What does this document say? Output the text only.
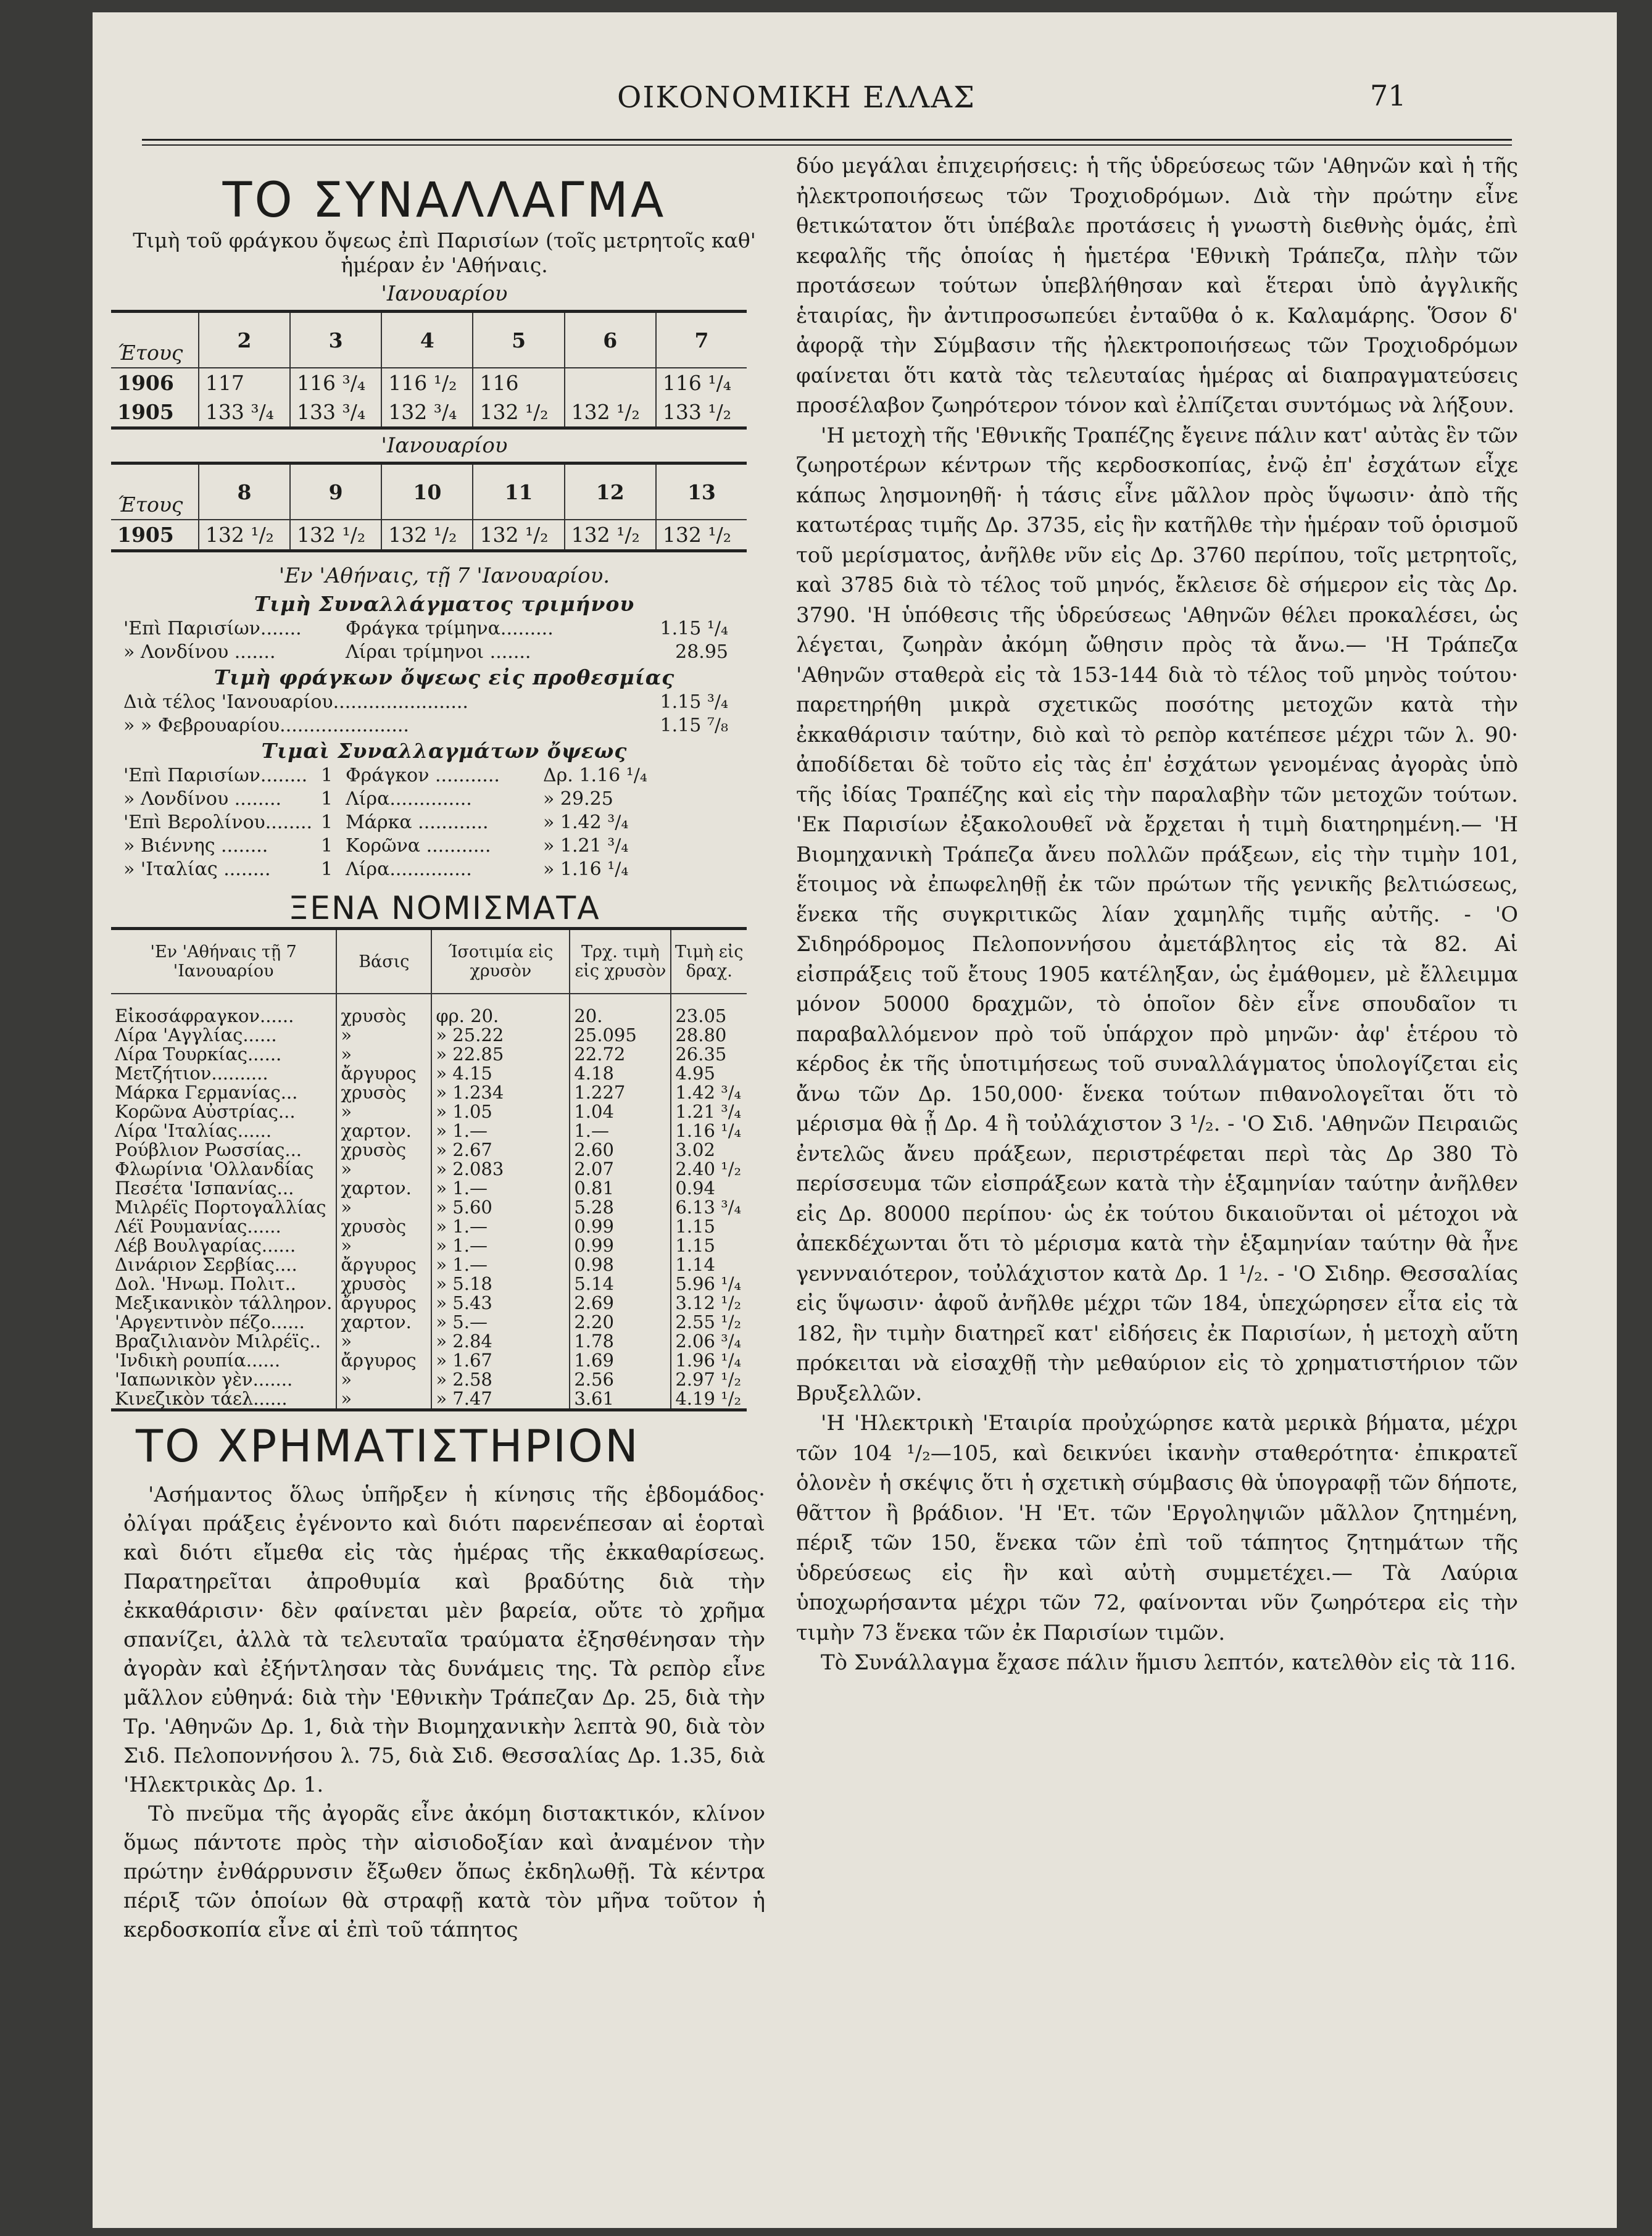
ΟΙΚΟΝΟΜΙΚΗ ΕΛΛΑΣ	71
ΤΟ ΣΥΝΑΛΛΑΓΜΑ
Τιμὴ τοῦ φράγκου ὄψεως ἐπὶ Παρισίων (τοῖς μετρητοῖς καθ' ἡμέραν ἐν 'Αθήναις.
'Ιανουαρίου
Έτους	2	3	4	5	6	7
1906	117	116 ³/₄	116 ¹/₂	116		116 ¹/₄
1905	133 ³/₄	133 ³/₄	132 ³/₄	132 ¹/₂	132 ¹/₂	133 ¹/₂
'Ιανουαρίου
Έτους	8	9	10	11	12	13
1905	132 ¹/₂	132 ¹/₂	132 ¹/₂	132 ¹/₂	132 ¹/₂	132 ¹/₂
'Εν 'Αθήναις, τῇ 7 'Ιανουαρίου.
Τιμὴ Συναλλάγματος τριμήνου
'Επὶ Παρισίων.......	Φράγκα τρίμηνα.........	1.15 ¹/₄
» Λονδίνου .......	Λίραι τρίμηνοι .......	28.95
Τιμὴ φράγκων ὄψεως εἰς προθεσμίας
Διὰ τέλος 'Ιανουαρίου.......................	1.15 ³/₄
» » Φεβρουαρίου......................	1.15 ⁷/₈
Τιμαὶ Συναλλαγμάτων ὄψεως
'Επὶ Παρισίων........ 1 Φράγκον ...........	Δρ. 1.16 ¹/₄
» Λονδίνου ........	1 Λίρα..............	» 29.25
'Επὶ Βερολίνου........ 1 Μάρκα ............	» 1.42 ³/₄
» Βιέννης ........	1 Κορῶνα ...........	» 1.21 ³/₄
» 'Ιταλίας ........	1 Λίρα..............	» 1.16 ¹/₄
ΞΕΝΑ ΝΟΜΙΣΜΑΤΑ
'Εν 'Αθήναις τῇ 7 'Ιανουαρίου	Βάσις	Ίσοτιμία εἰς χρυσὸν	Τρχ. τιμὴ εἰς χρυσὸν	Τιμὴ εἰς δραχ.
Εἰκοσάφραγκον......	χρυσὸς	φρ. 20.	20.	23.05
Λίρα 'Αγγλίας......	»	» 25.22	25.095	28.80
Λίρα Τουρκίας......	»	» 22.85	22.72	26.35
Μετζήτιον..........	ἄργυρος	» 4.15	4.18	4.95
Μάρκα Γερμανίας...	χρυσὸς	» 1.234	1.227	1.42 ³/₄
Κορῶνα Αὐστρίας...	»	» 1.05	1.04	1.21 ³/₄
Λίρα 'Ιταλίας......	χαρτον.	» 1.—	1.—	1.16 ¹/₄
Ρούβλιον Ρωσσίας...	χρυσὸς	» 2.67	2.60	3.02
Φλωρίνια 'Ολλανδίας	»	» 2.083	2.07	2.40 ¹/₂
Πεσέτα 'Ισπανίας...	χαρτον.	» 1.—	0.81	0.94
Μιλρέϊς Πορτογαλλίας	»	» 5.60	5.28	6.13 ³/₄
Λέϊ Ρουμανίας......	χρυσὸς	» 1.—	0.99	1.15
Λέβ Βουλγαρίας......	»	» 1.—	0.99	1.15
Δινάριον Σερβίας....	ἄργυρος	» 1.—	0.98	1.14
Δολ. 'Ηνωμ. Πολιτ..	χρυσὸς	» 5.18	5.14	5.96 ¹/₄
Μεξικανικὸν τάλληρον.	ἄργυρος	» 5.43	2.69	3.12 ¹/₂
'Αργεντινὸν πέζο......	χαρτον.	» 5.—	2.20	2.55 ¹/₂
Βραζιλιανὸν Μιλρέϊς..	»	» 2.84	1.78	2.06 ³/₄
'Ινδικὴ ρουπία......	ἄργυρος	» 1.67	1.69	1.96 ¹/₄
'Ιαπωνικὸν γὲν.......	»	» 2.58	2.56	2.97 ¹/₂
Κινεζικὸν τάελ......	»	» 7.47	3.61	4.19 ¹/₂
ΤΟ ΧΡΗΜΑΤΙΣΤΗΡΙΟΝ

'Ασήμαντος ὅλως ὑπῆρξεν ἡ κίνησις τῆς ἑβδομάδος· ὀλίγαι πράξεις ἐγένοντο καὶ διότι παρενέπεσαν αἱ ἑορταὶ καὶ διότι εἴμεθα εἰς τὰς ἡμέρας τῆς ἐκκαθαρίσεως. Παρατηρεῖται ἀπροθυμία καὶ βραδύτης διὰ τὴν ἐκκαθάρισιν· δὲν φαίνεται μὲν βαρεία, οὔτε τὸ χρῆμα σπανίζει, ἀλλὰ τὰ τελευταῖα τραύματα ἐξησθένησαν τὴν ἀγορὰν καὶ ἐξήντλησαν τὰς δυνάμεις της. Τὰ ρεπὸρ εἶνε μᾶλλον εὐθηνά: διὰ τὴν 'Εθνικὴν Τράπεζαν Δρ. 25, διὰ τὴν Τρ. 'Αθηνῶν Δρ. 1, διὰ τὴν Βιομηχανικὴν λεπτὰ 90, διὰ τὸν Σιδ. Πελοποννήσου λ. 75, διὰ Σιδ. Θεσσαλίας Δρ. 1.35, διὰ 'Ηλεκτρικὰς Δρ. 1.

Τὸ πνεῦμα τῆς ἀγορᾶς εἶνε ἀκόμη διστακτικόν, κλίνον ὅμως πάντοτε πρὸς τὴν αἰσιοδοξίαν καὶ ἀναμένον τὴν πρώτην ἐνθάρρυνσιν ἔξωθεν ὅπως ἐκδηλωθῇ. Τὰ κέντρα πέριξ τῶν ὁποίων θὰ στραφῇ κατὰ τὸν μῆνα τοῦτον ἡ κερδοσκοπία εἶνε αἱ ἐπὶ τοῦ τάπητος

δύο μεγάλαι ἐπιχειρήσεις: ἡ τῆς ὑδρεύσεως τῶν 'Αθηνῶν καὶ ἡ τῆς ἠλεκτροποιήσεως τῶν Τροχιοδρόμων. Διὰ τὴν πρώτην εἶνε θετικώτατον ὅτι ὑπέβαλε προτάσεις ἡ γνωστὴ διεθνὴς ὁμάς, ἐπὶ κεφαλῆς τῆς ὁποίας ἡ ἡμετέρα 'Εθνικὴ Τράπεζα, πλὴν τῶν προτάσεων τούτων ὑπεβλήθησαν καὶ ἕτεραι ὑπὸ ἀγγλικῆς ἑταιρίας, ἣν ἀντιπροσωπεύει ἐνταῦθα ὁ κ. Καλαμάρης. Ὅσον δ' ἀφορᾷ τὴν Σύμβασιν τῆς ἠλεκτροποιήσεως τῶν Τροχιοδρόμων φαίνεται ὅτι κατὰ τὰς τελευταίας ἡμέρας αἱ διαπραγματεύσεις προσέλαβον ζωηρότερον τόνον καὶ ἐλπίζεται συντόμως νὰ λήξουν.

'Η μετοχὴ τῆς 'Εθνικῆς Τραπέζης ἔγεινε πάλιν κατ' αὐτὰς ἓν τῶν ζωηροτέρων κέντρων τῆς κερδοσκοπίας, ἐνῷ ἐπ' ἐσχάτων εἶχε κάπως λησμονηθῆ· ἡ τάσις εἶνε μᾶλλον πρὸς ὕψωσιν· ἀπὸ τῆς κατωτέρας τιμῆς Δρ. 3735, εἰς ἣν κατῆλθε τὴν ἡμέραν τοῦ ὁρισμοῦ τοῦ μερίσματος, ἀνῆλθε νῦν εἰς Δρ. 3760 περίπου, τοῖς μετρητοῖς, καὶ 3785 διὰ τὸ τέλος τοῦ μηνός, ἔκλεισε δὲ σήμερον εἰς τὰς Δρ. 3790. 'Η ὑπόθεσις τῆς ὑδρεύσεως 'Αθηνῶν θέλει προκαλέσει, ὡς λέγεται, ζωηρὰν ἀκόμη ὤθησιν πρὸς τὰ ἄνω.— 'Η Τράπεζα 'Αθηνῶν σταθερὰ εἰς τὰ 153-144 διὰ τὸ τέλος τοῦ μηνὸς τούτου· παρετηρήθη μικρὰ σχετικῶς ποσότης μετοχῶν κατὰ τὴν ἐκκαθάρισιν ταύτην, διὸ καὶ τὸ ρεπὸρ κατέπεσε μέχρι τῶν λ. 90· ἀποδίδεται δὲ τοῦτο εἰς τὰς ἐπ' ἐσχάτων γενομένας ἀγορὰς ὑπὸ τῆς ἰδίας Τραπέζης καὶ εἰς τὴν παραλαβὴν τῶν μετοχῶν τούτων. 'Εκ Παρισίων ἐξακολουθεῖ νὰ ἔρχεται ἡ τιμὴ διατηρημένη.— 'Η Βιομηχανικὴ Τράπεζα ἄνευ πολλῶν πράξεων, εἰς τὴν τιμὴν 101, ἕτοιμος νὰ ἐπωφεληθῇ ἐκ τῶν πρώτων τῆς γενικῆς βελτιώσεως, ἕνεκα τῆς συγκριτικῶς λίαν χαμηλῆς τιμῆς αὐτῆς. - 'Ο Σιδηρόδρομος Πελοποννήσου ἀμετάβλητος εἰς τὰ 82. Αἱ εἰσπράξεις τοῦ ἔτους 1905 κατέληξαν, ὡς ἐμάθομεν, μὲ ἔλλειμμα μόνον 50000 δραχμῶν, τὸ ὁποῖον δὲν εἶνε σπουδαῖον τι παραβαλλόμενον πρὸ τοῦ ὑπάρχον πρὸ μηνῶν· ἀφ' ἑτέρου τὸ κέρδος ἐκ τῆς ὑποτιμήσεως τοῦ συναλλάγματος ὑπολογίζεται εἰς ἄνω τῶν Δρ. 150,000· ἕνεκα τούτων πιθανολογεῖται ὅτι τὸ μέρισμα θὰ ᾖ Δρ. 4 ἢ τοὐλάχιστον 3 ¹/₂. - 'Ο Σιδ. 'Αθηνῶν Πειραιῶς ἐντελῶς ἄνευ πράξεων, περιστρέφεται περὶ τὰς Δρ 380 Τὸ περίσσευμα τῶν εἰσπράξεων κατὰ τὴν ἑξαμηνίαν ταύτην ἀνῆλθεν εἰς Δρ. 80000 περίπου· ὡς ἐκ τούτου δικαιοῦνται οἱ μέτοχοι νὰ ἀπεκδέχωνται ὅτι τὸ μέρισμα κατὰ τὴν ἑξαμηνίαν ταύτην θὰ ἦνε γεννναιότερον, τοὐλάχιστον κατὰ Δρ. 1 ¹/₂. - 'Ο Σιδηρ. Θεσσαλίας εἰς ὕψωσιν· ἀφοῦ ἀνῆλθε μέχρι τῶν 184, ὑπεχώρησεν εἶτα εἰς τὰ 182, ἣν τιμὴν διατηρεῖ κατ' εἰδήσεις ἐκ Παρισίων, ἡ μετοχὴ αὕτη πρόκειται νὰ εἰσαχθῇ τὴν μεθαύριον εἰς τὸ χρηματιστήριον τῶν Βρυξελλῶν.

'Η 'Ηλεκτρικὴ 'Εταιρία προὐχώρησε κατὰ μερικὰ βήματα, μέχρι τῶν 104 ¹/₂—105, καὶ δεικνύει ἱκανὴν σταθερότητα· ἐπικρατεῖ ὁλονὲν ἡ σκέψις ὅτι ἡ σχετικὴ σύμβασις θὰ ὑπογραφῇ τῶν δήποτε, θᾶττον ἢ βράδιον. 'Η 'Ετ. τῶν 'Εργοληψιῶν μᾶλλον ζητημένη, πέριξ τῶν 150, ἕνεκα τῶν ἐπὶ τοῦ τάπητος ζητημάτων τῆς ὑδρεύσεως εἰς ἣν καὶ αὐτὴ συμμετέχει.— Τὰ Λαύρια ὑποχωρήσαντα μέχρι τῶν 72, φαίνονται νῦν ζωηρότερα εἰς τὴν τιμὴν 73 ἕνεκα τῶν ἐκ Παρισίων τιμῶν.

Τὸ Συνάλλαγμα ἔχασε πάλιν ἥμισυ λεπτόν, κατελθὸν εἰς τὰ 116.
